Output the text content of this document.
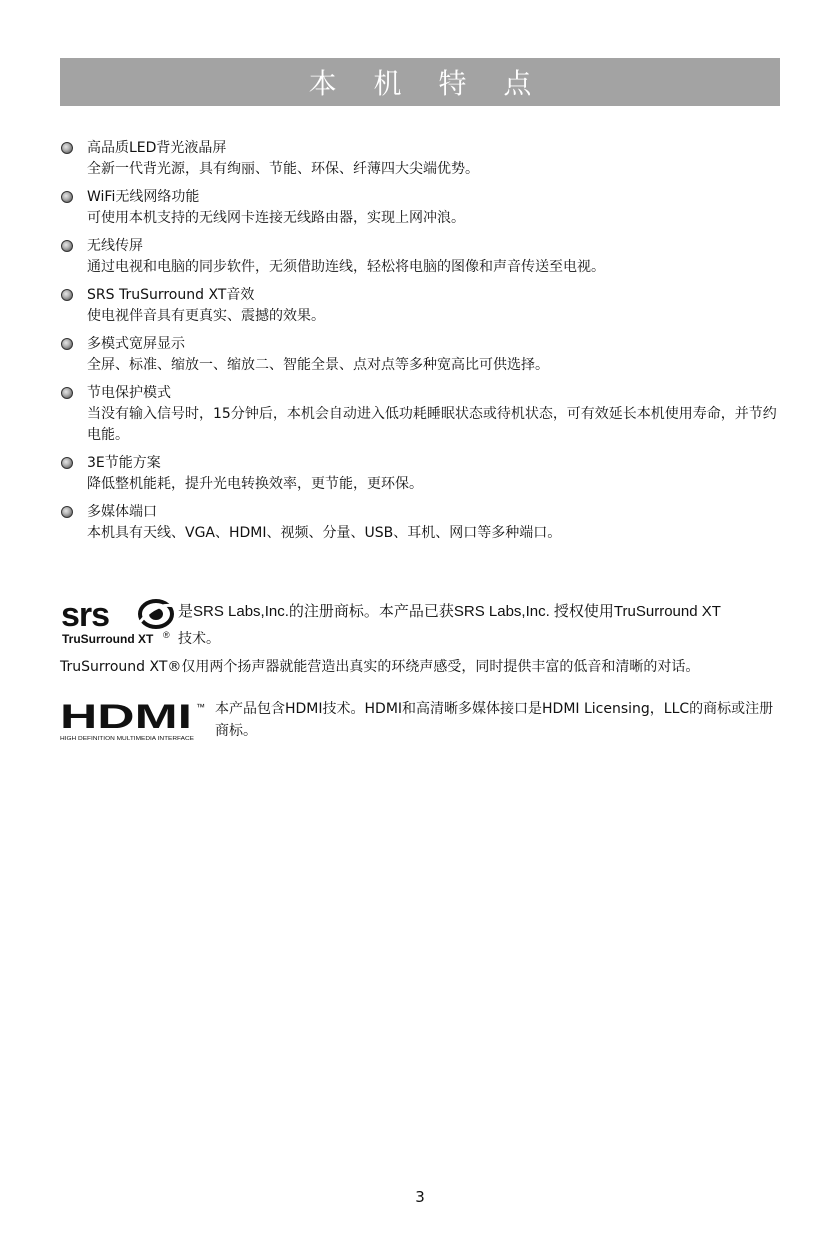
本 机 特 点
高品质LED背光液晶屏
全新一代背光源，具有绚丽、节能、环保、纤薄四大尖端优势。
WiFi无线网络功能
可使用本机支持的无线网卡连接无线路由器，实现上网冲浪。
无线传屏
通过电视和电脑的同步软件，无须借助连线，轻松将电脑的图像和声音传送至电视。
SRS TruSurround XT音效
使电视伴音具有更真实、震撼的效果。
多模式宽屏显示
全屏、标准、缩放一、缩放二、智能全景、点对点等多种宽高比可供选择。
节电保护模式
当没有输入信号时，15分钟后，本机会自动进入低功耗睡眠状态或待机状态，可有效延长本机使用寿命，并节约电能。
3E节能方案
降低整机能耗，提升光电转换效率，更节能，更环保。
多媒体端口
本机具有天线、VGA、HDMI、视频、分量、USB、耳机、网口等多种端口。
srs
TruSurround XT ®
是SRS Labs,Inc.的注册商标。本产品已获SRS Labs,Inc. 授权使用TruSurround XT
技术。
TruSurround XT®仅用两个扬声器就能营造出真实的环绕声感受，同时提供丰富的低音和清晰的对话。
HDMI ™
HIGH DEFINITION MULTIMEDIA INTERFACE
本产品包含HDMI技术。HDMI和高清晰多媒体接口是HDMI Licensing，LLC的商标或注册商标。
3
